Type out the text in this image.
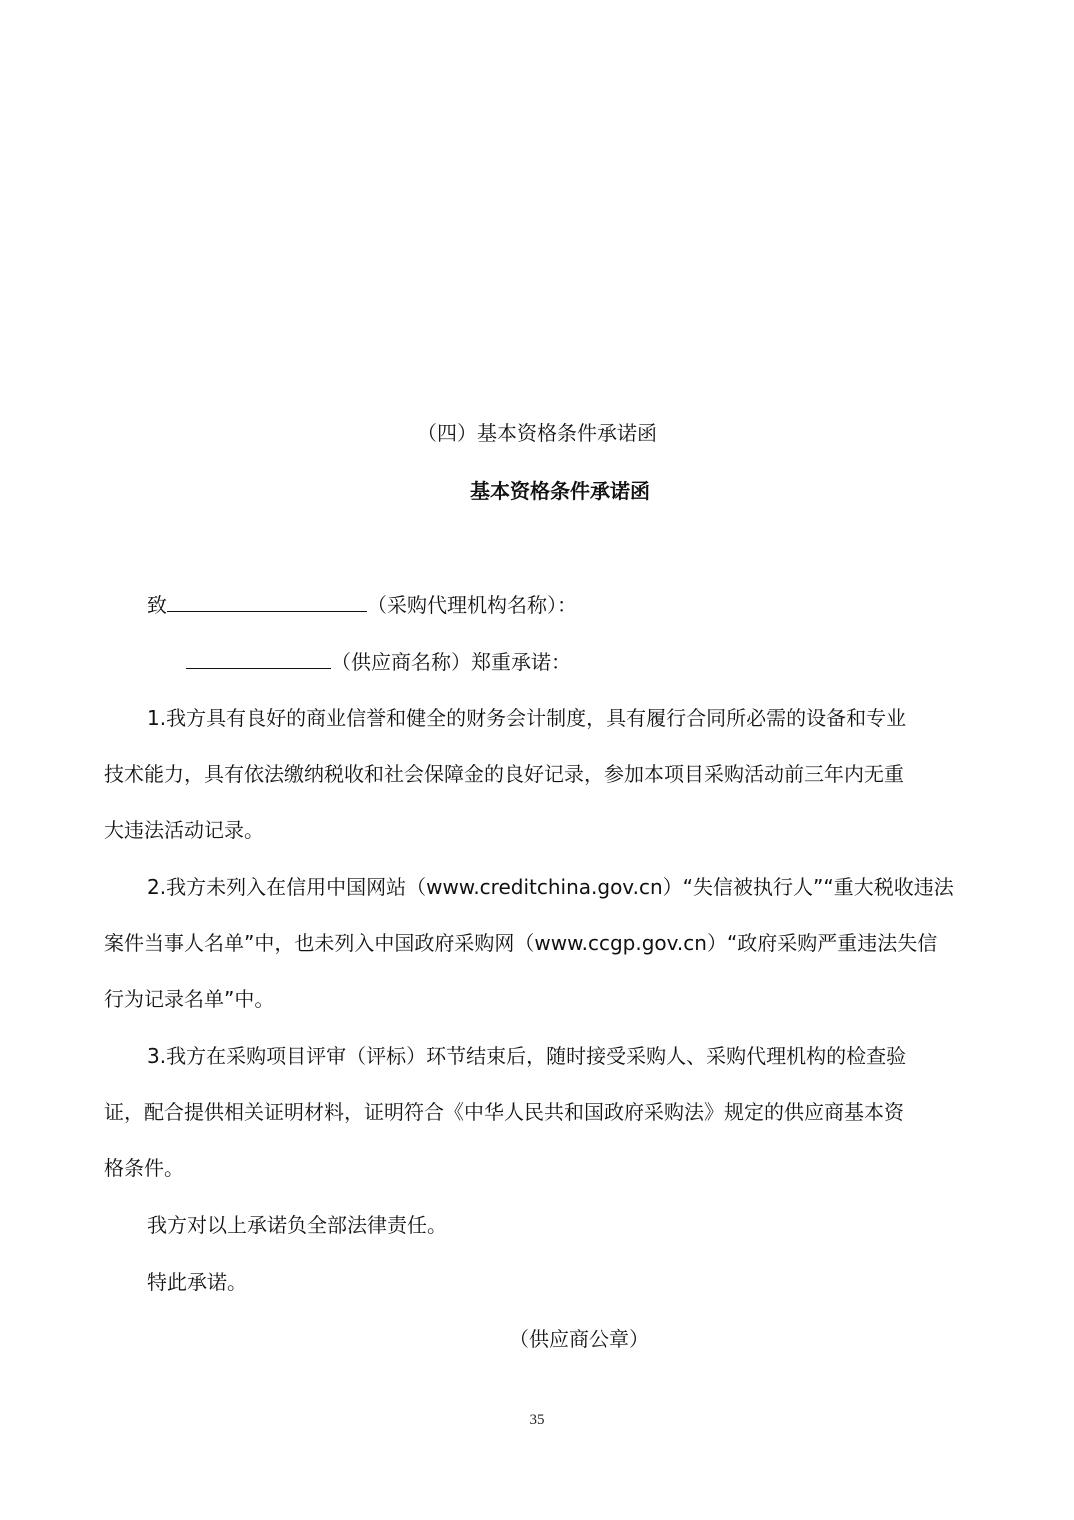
（四）基本资格条件承诺函
基本资格条件承诺函
致	（采购代理机构名称）：
（供应商名称）郑重承诺：
1.我方具有良好的商业信誉和健全的财务会计制度，具有履行合同所必需的设备和专业
技术能力，具有依法缴纳税收和社会保障金的良好记录，参加本项目采购活动前三年内无重
大违法活动记录。
2.我方未列入在信用中国网站（www.creditchina.gov.cn）“失信被执行人”“重大税收违法
案件当事人名单”中，也未列入中国政府采购网（www.ccgp.gov.cn）“政府采购严重违法失信
行为记录名单”中。
3.我方在采购项目评审（评标）环节结束后，随时接受采购人、采购代理机构的检查验
证，配合提供相关证明材料，证明符合《中华人民共和国政府采购法》规定的供应商基本资
格条件。
我方对以上承诺负全部法律责任。
特此承诺。
（供应商公章）
35
